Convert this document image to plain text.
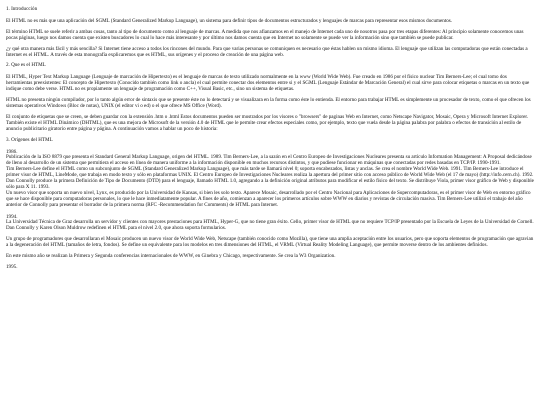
1. Introducción

El HTML no es más que una aplicación del SGML (Standard Generalized Markup Language), un sistema para definir tipos de documentos estructurados y lenguajes de marcas para representar esos mismos documentos.

El término HTML se suele referir a ambas cosas, tanto al tipo de documento como al lenguaje de marcas. A medida que nos afianzamos en el manejo de Internet cada uno de nosotros pasa por tres etapas diferentes: Al principio solamente conocemos unas pocas páginas, luego nos damos cuenta que existen buscadores lo cual lo hace más interesante y por último nos damos cuenta que en Internet no solamente se puede ver la información sino que también se puede publicar.

¿y qué otra manera más fácil y más sencilla? Si Internet tiene acceso a todos los rincones del mundo. Para que varias personas se comuniquen es necesario que éstas hablen un mismo idioma. El lenguaje que utilizan las computadoras que están conectadas a Internet es el HTML. A través de esta monografía explicaremos que es HTML, sus orígenes y el proceso de creación de una página web.

2. Que es el HTML

El HTML, Hyper Text Markup Language (Lenguaje de marcación de Hipertexto) es el lenguaje de marcas de texto utilizado normalmente en la www (World Wide Web). Fue creado en 1986 por el físico nuclear Tim Berners-Lee; el cual tomo dos herramientas preexistentes: El concepto de Hipertexto (Conocido también como link o ancla) el cual permite conectar dos elementos entre si y el SGML (Lenguaje Estándar de Marcación General) el cual sirve para colocar etiquetas o marcas en un texto que indique como debe verse. HTML no es propiamente un lenguaje de programación como C++, Visual Basic, etc., sino un sistema de etiquetas.

HTML no presenta ningún compilador, por lo tanto algún error de sintaxis que se presente éste no lo detectará y se visualizara en la forma como éste lo entienda. El entorno para trabajar HTML es simplemente un procesador de texto, como el que ofrecen los sistemas operativos Windows (Bloc de notas), UNIX (el editor vi o ed) o el que ofrece MS Office (Word).

El conjunto de etiquetas que se creen, se deben guardar con la extensión .htm o .html Estos documentos pueden ser mostrados por los visores o "browsers" de paginas Web en Internet, como Netscape Navigator, Mosaic, Opera y Microsoft Internet Explorer. También existe el HTML Dinámico (DHTML), que es una mejora de Microsoft de la versión 4.0 de HTML que le permite crear efectos especiales como, por ejemplo, texto que vuela desde la página palabra por palabra o efectos de transición al estilo de anuncio publicitario giratorio entre página y página. A continuación vamos a hablar un poco de historia:

3. Orígenes del HTML

1986.

Publicación de la ISO 8879 que presenta el Standard General Markup Language, origen del HTML. 1989. Tim Berners-Lee, a la sazón en el Centro Europeo de Investigaciones Nucleares presenta su artículo Information Management: A Proposal dedicándose de lleno al desarrollo de un sistema que permitiera el acceso en línea de manera uniforme a la información disponible en muchos recursos distintos, y que pudiese funcionar en máquinas que conectadas por redes basadas en TCP/IP. 1990-1991.

Tim Berners-Lee define el HTML como un subconjunto de SGML (Standard Generalized Markup Language), que más tarde se llamará nivel 0; soporta encabezados, listas y anclas. Se crea el nombre World Wide Web. 1991. Tim Berners-Lee introduce el primer visor de HTML, LineMode, que trabaja en modo texto y sólo en plataformas UNIX. El Centro Europeo de Investigaciones Nucleares realiza la apertura del primer sitio con acceso público de World Wide Web (el 17 de mayo) (http://info.cern.ch). 1992.

Dan Connolly produce la primera Definición de Tipo de Documento (DTD) para el lenguaje, llamado HTML 1.0, agregando a la definición original atributos para modificar el estilo físico del texto. Se distribuye Viola, primer visor gráfico de Web y disponible sólo para X 11. 1993.

Un nuevo visor que soporta un nuevo nivel, Lynx, es producido por la Universidad de Kansas, si bien les solo texto. Aparece Mosaic, desarrollado por el Centro Nacional para Aplicaciones de Supercomputadoras, es el primer visor de Web en entorno gráfico que se hace disponible para computadoras personales, lo que le hace inmediatamente popular. A fines de año, comienzan a aparecer los primeros artículos sobre WWW en diarios y revistas de circulación masiva. Tim Berners-Lee utilizó el trabajo del año anterior de Connolly para presentar el borrador de la primera norma (RFC -Recommendation for Comments) de HTML para Internet.

1994.

La Universidad Técnica de Graz desarrolla un servidor y clientes con mayores prestaciones para HTML, Hyper-G, que no tiene gran éxito. Cello, primer visor de HTML que no requiere TCP/IP presentado por la Escuela de Leyes de la Universidad de Cornell. Dan Connolly y Karen Olson Muldrow redefinen el HTML para el nivel 2.0, que ahora soporta formularios.

Un grupo de programadores que desarrollaran el Mosaic producen un nuevo visor de World Wide Web, Netscape (también conocido como Mozilla), que tiene una amplia aceptación entre los usuarios, pero que soporta elementos de programación que agravian a la degeneración del HTML (tamaños de letra, fondos). Se define un equivalente para los modelos en tres dimensiones del HTML, el VRML (Virtual Reality Modeling Language), que permite moverse dentro de los ambientes definidos.

En este mismo año se realizan la Primera y Segunda conferencias internacionales de WWW, en Ginebra y Chicago, respectivamente. Se crea la W3 Organization.

1995.
